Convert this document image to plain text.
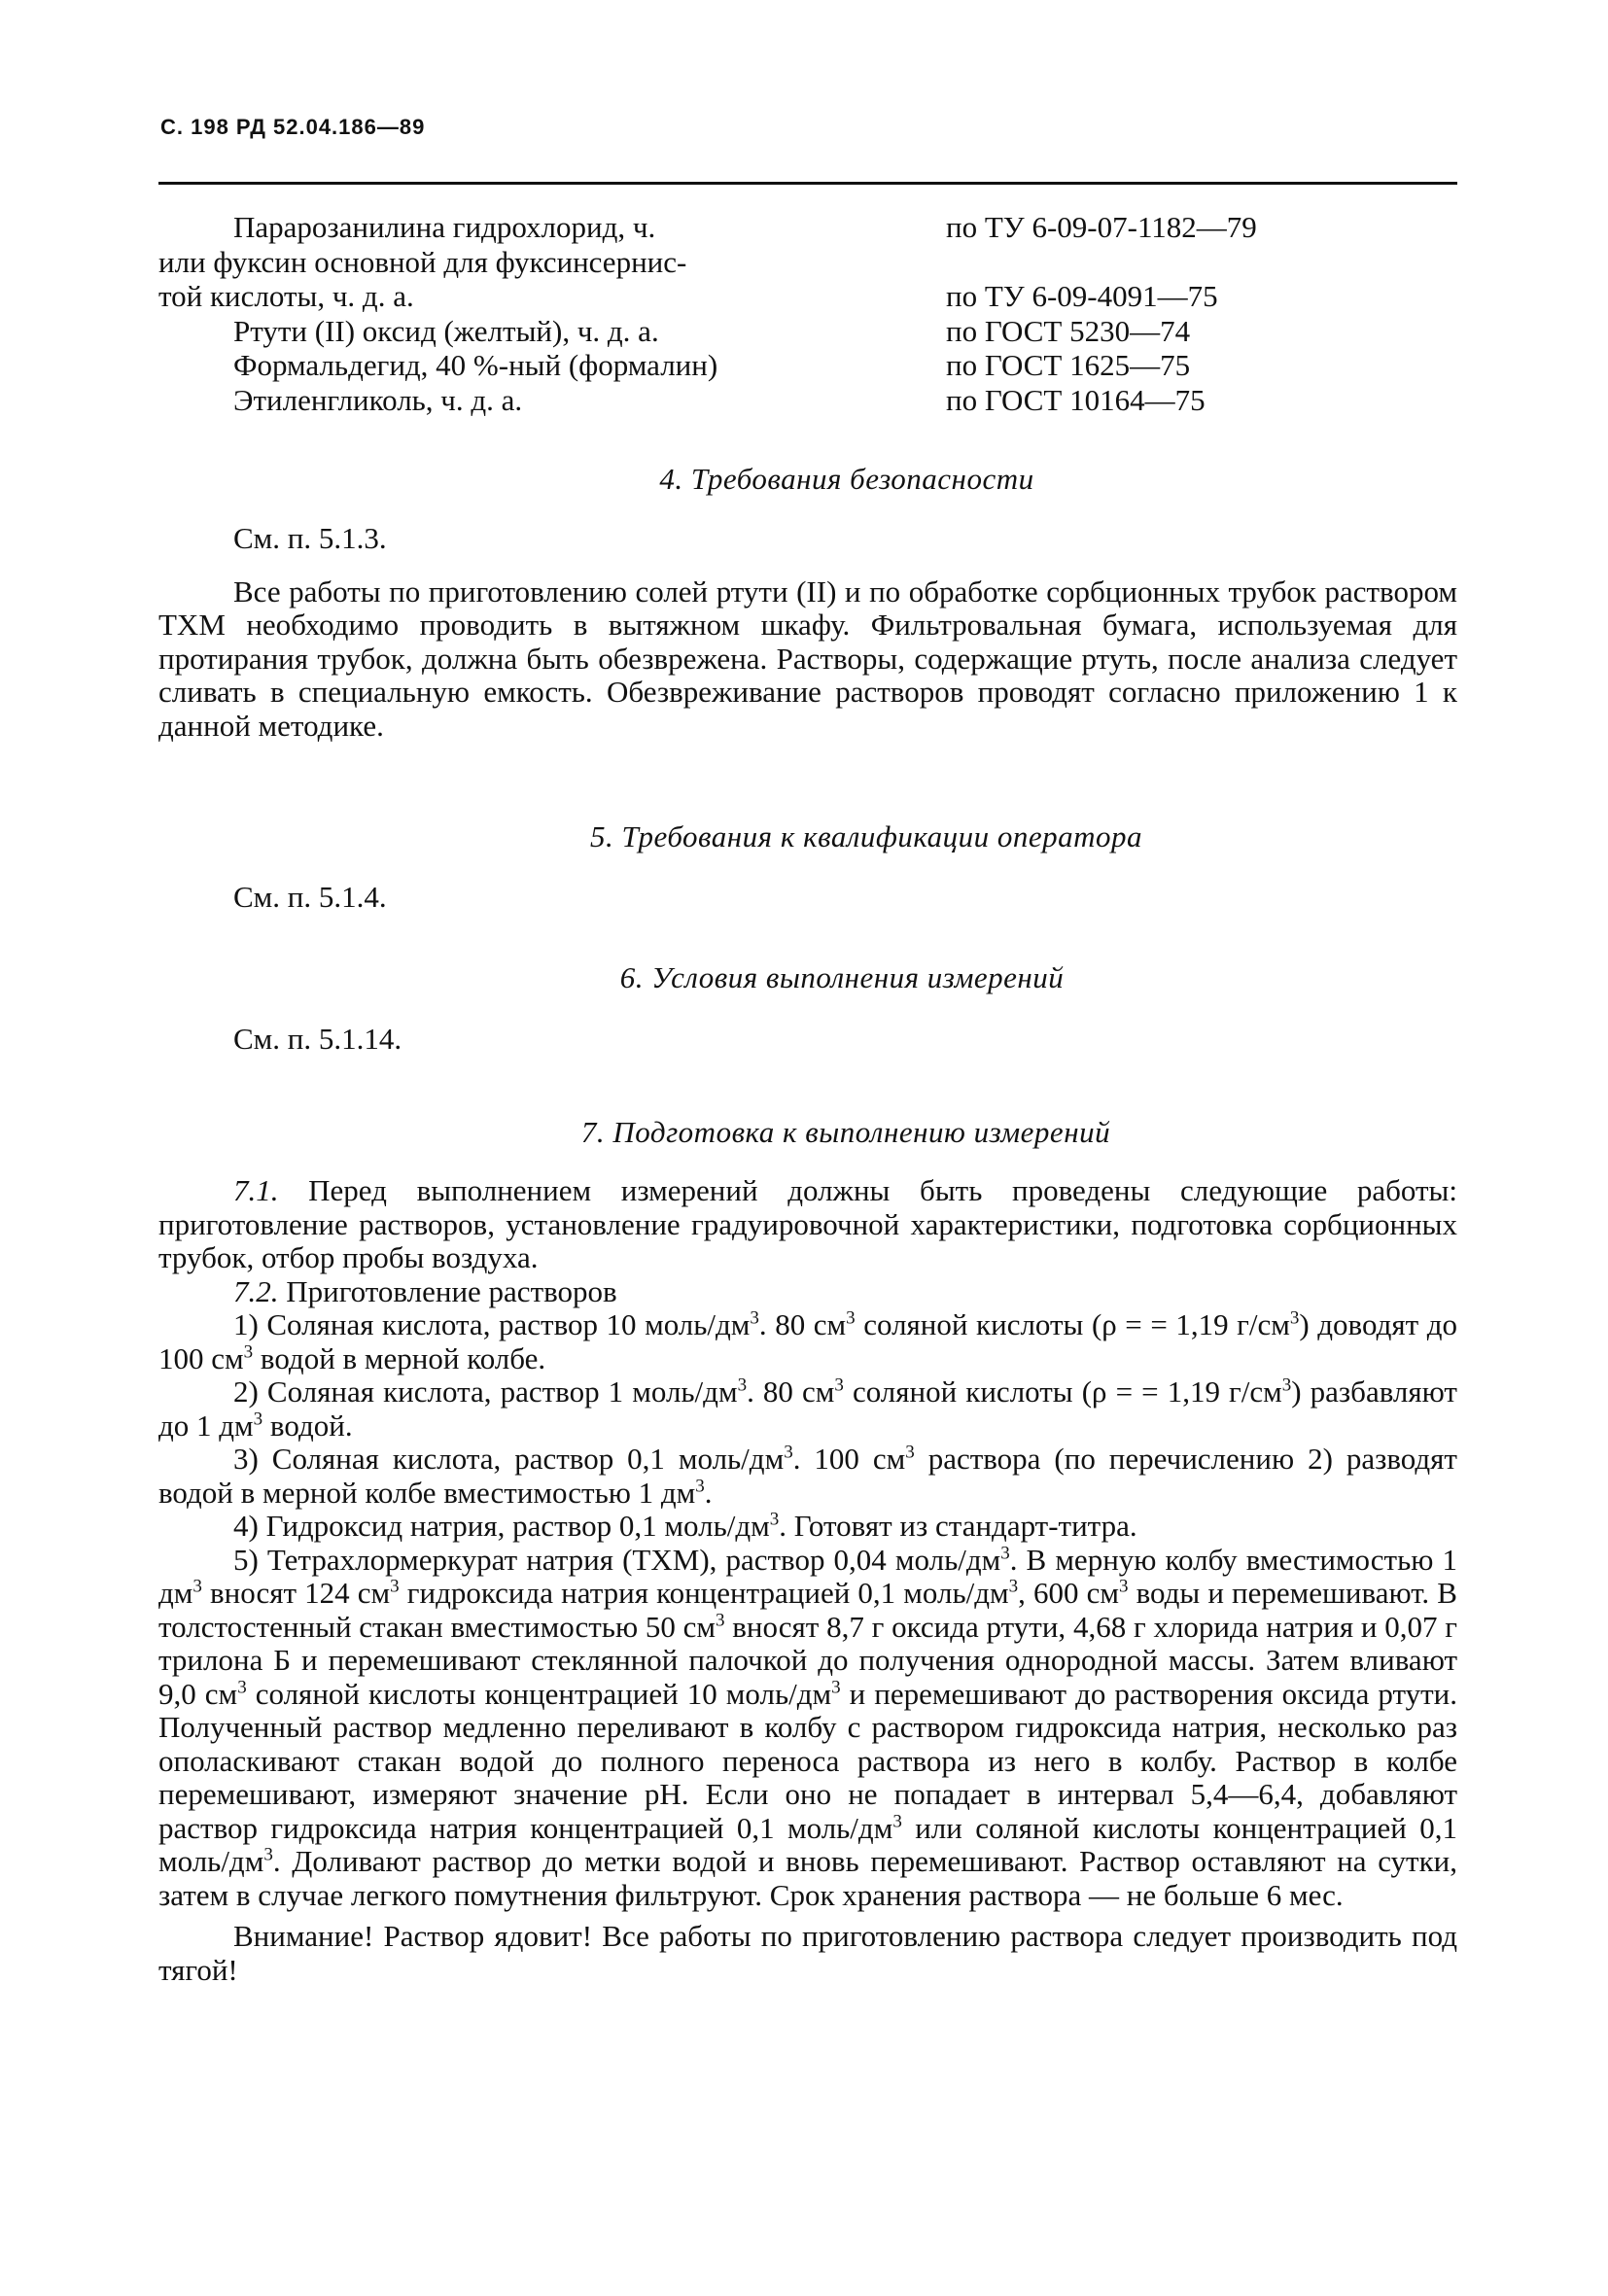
С. 198 РД 52.04.186—89
Парарозанилина гидрохлорид, ч.	по ТУ 6-09-07-1182—79
или фуксин основной для фуксинсернис-
той кислоты, ч. д. а.	по ТУ 6-09-4091—75
Ртути (II) оксид (желтый), ч. д. а.	по ГОСТ 5230—74
Формальдегид, 40 %-ный (формалин)	по ГОСТ 1625—75
Этиленгликоль, ч. д. а.	по ГОСТ 10164—75
4. Требования безопасности

См. п. 5.1.3.

Все работы по приготовлению солей ртути (II) и по обработке сорбционных трубок раствором ТХМ необходимо проводить в вытяжном шкафу. Фильтровальная бумага, используемая для протирания трубок, должна быть обезврежена. Растворы, содержащие ртуть, после анализа следует сливать в специальную емкость. Обезвреживание растворов проводят согласно приложению 1 к данной методике.

5. Требования к квалификации оператора

См. п. 5.1.4.

6. Условия выполнения измерений

См. п. 5.1.14.

7. Подготовка к выполнению измерений

7.1. Перед выполнением измерений должны быть проведены следующие работы: приготовление растворов, установление градуировочной характеристики, подготовка сорбционных трубок, отбор пробы воздуха.

7.2. Приготовление растворов

1) Соляная кислота, раствор 10 моль/$дм^3$. 80 $см^3$ соляной кислоты (ρ = = 1,19 $г/см^3$) доводят до 100 $см^3$ водой в мерной колбе.

2) Соляная кислота, раствор 1 моль/$дм^3$. 80 $см^3$ соляной кислоты (ρ = = 1,19 $г/см^3$) разбавляют до 1 $дм^3$ водой.

3) Соляная кислота, раствор 0,1 моль/$дм^3$. 100 $см^3$ раствора (по перечислению 2) разводят водой в мерной колбе вместимостью 1 $дм^3$.

4) Гидроксид натрия, раствор 0,1 моль/$дм^3$. Готовят из стандарт-титра.

5) Тетрахлормеркурат натрия (ТХМ), раствор 0,04 моль/$дм^3$. В мерную колбу вместимостью 1 $дм^3$ вносят 124 $см^3$ гидроксида натрия концентрацией 0,1 моль/$дм^3$, 600 $см^3$ воды и перемешивают. В толстостенный стакан вместимостью 50 $см^3$ вносят 8,7 г оксида ртути, 4,68 г хлорида натрия и 0,07 г трилона Б и перемешивают стеклянной палочкой до получения однородной массы. Затем вливают 9,0 $см^3$ соляной кислоты концентрацией 10 моль/$дм^3$ и перемешивают до растворения оксида ртути. Полученный раствор медленно переливают в колбу с раствором гидроксида натрия, несколько раз ополаскивают стакан водой до полного переноса раствора из него в колбу. Раствор в колбе перемешивают, измеряют значение pH. Если оно не попадает в интервал 5,4—6,4, добавляют раствор гидроксида натрия концентрацией 0,1 моль/$дм^3$ или соляной кислоты концентрацией 0,1 моль/$дм^3$. Доливают раствор до метки водой и вновь перемешивают. Раствор оставляют на сутки, затем в случае легкого помутнения фильтруют. Срок хранения раствора — не больше 6 мес.

Внимание! Раствор ядовит! Все работы по приготовлению раствора следует производить под тягой!
